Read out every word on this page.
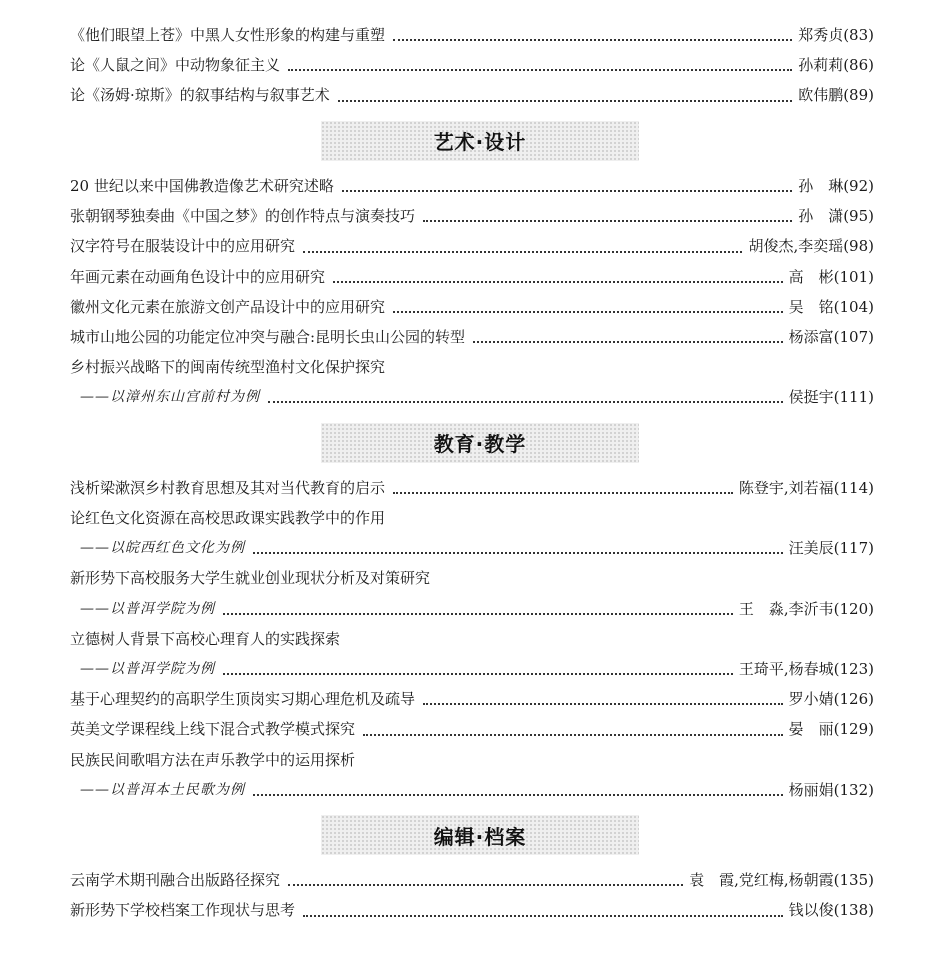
《他们眼望上苍》中黑人女性形象的构建与重塑	郑秀贞(83)
论《人鼠之间》中动物象征主义	孙莉莉(86)
论《汤姆·琼斯》的叙事结构与叙事艺术	欧伟鹏(89)
艺术·设计
20 世纪以来中国佛教造像艺术研究述略	孙　琳(92)
张朝钢琴独奏曲《中国之梦》的创作特点与演奏技巧	孙　潇(95)
汉字符号在服装设计中的应用研究	胡俊杰,李奕瑶(98)
年画元素在动画角色设计中的应用研究	高　彬(101)
徽州文化元素在旅游文创产品设计中的应用研究	吴　铭(104)
城市山地公园的功能定位冲突与融合:昆明长虫山公园的转型	杨添富(107)
乡村振兴战略下的闽南传统型渔村文化保护探究
——以漳州东山宫前村为例	侯挺宇(111)
教育·教学
浅析梁漱溟乡村教育思想及其对当代教育的启示	陈登宇,刘若福(114)
论红色文化资源在高校思政课实践教学中的作用
——以皖西红色文化为例	汪美辰(117)
新形势下高校服务大学生就业创业现状分析及对策研究
——以普洱学院为例	王　淼,李沂韦(120)
立德树人背景下高校心理育人的实践探索
——以普洱学院为例	王琦平,杨春城(123)
基于心理契约的高职学生顶岗实习期心理危机及疏导	罗小婧(126)
英美文学课程线上线下混合式教学模式探究	晏　丽(129)
民族民间歌唱方法在声乐教学中的运用探析
——以普洱本土民歌为例	杨丽娟(132)
编辑·档案
云南学术期刊融合出版路径探究	袁　霞,党红梅,杨朝霞(135)
新形势下学校档案工作现状与思考	钱以俊(138)
